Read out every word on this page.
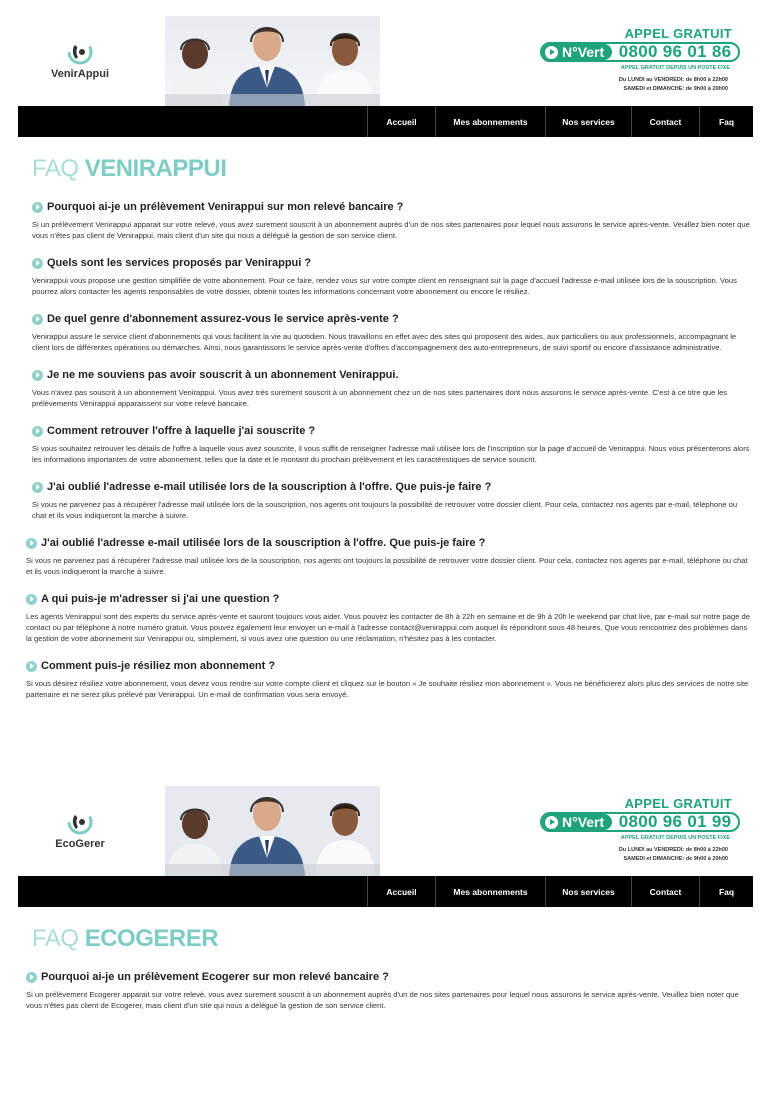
VenirAppui
APPEL GRATUIT
N°Vert 0800 96 01 86
APPEL GRATUIT DEPUIS UN POSTE FIXE
Du LUNDI au VENDREDI: de 8h00 à 22h00
SAMEDI et DIMANCHE: de 9h00 à 20h00
Accueil	Mes abonnements	Nos services	Contact	Faq
FAQ VENIRAPPUI
Pourquoi ai-je un prélèvement Venirappui sur mon relevé bancaire ?
Si un prélèvement Venirappui apparait sur votre relevé, vous avez surement souscrit à un abonnement auprès d'un de nos sites partenaires pour lequel nous assurons le service après-vente. Veuillez bien noter que vous n'êtes pas client de Venirappui, mais client d'un site qui nous a délégué la gestion de son service client.
Quels sont les services proposés par Venirappui ?
Venirappui vous propose une gestion simplifiée de votre abonnement. Pour ce faire, rendez vous sur votre compte client en renseignant sur la page d'accueil l'adresse e-mail utilisée lors de la souscription. Vous pourrez alors contacter les agents responsables de votre dossier, obtenir toutes les informations concernant votre abonnement ou encore le résiliez.
De quel genre d'abonnement assurez-vous le service après-vente ?
Venirappui assure le service client d'abonnements qui vous facilitent la vie au quotidien. Nous travaillons en effet avec des sites qui proposent des aides, aux particuliers ou aux professionnels, accompagnant le client lors de différentes opérations ou démarches. Ainsi, nous garantissons le service après-vente d'offres d'accompagnement des auto-entrepreneurs, de suivi sportif ou encore d'assistance administrative.
Je ne me souviens pas avoir souscrit à un abonnement Venirappui.
Vous n'avez pas souscrit à un abonnement Venirappui. Vous avez très surement souscrit à un abonnement chez un de nos sites partenaires dont nous assurons le service après-vente. C'est à ce titre que les prélèvements Venirappui apparaissent sur votre relevé bancaire.
Comment retrouver l'offre à laquelle j'ai souscrite ?
Si vous souhaitez retrouver les détails de l'offre à laquelle vous avez souscrite, il vous suffit de renseigner l'adresse mail utilisée lors de l'inscription sur la page d'accueil de Venirappui. Nous vous présenterons alors les informations importantes de votre abonnement, telles que la date et le montant du prochain prélèvement et les caractéristiques de service souscrit.
J'ai oublié l'adresse e-mail utilisée lors de la souscription à l'offre. Que puis-je faire ?
Si vous ne parvenez pas à récupérer l'adresse mail utilisée lors de la souscription, nos agents ont toujours la possibilité de retrouver votre dossier client. Pour cela, contactez nos agents par e-mail, téléphone ou chat et ils vous indiqueront la marche à suivre.
J'ai oublié l'adresse e-mail utilisée lors de la souscription à l'offre. Que puis-je faire ?
Si vous ne parvenez pas à récupérer l'adresse mail utilisée lors de la souscription, nos agents ont toujours la possibilité de retrouver votre dossier client. Pour cela, contactez nos agents par e-mail, téléphone ou chat et ils vous indiqueront la marche à suivre.
A qui puis-je m'adresser si j'ai une question ?
Les agents Venirappui sont des experts du service après-vente et sauront toujours vous aider. Vous pouvez les contacter de 8h à 22h en semaine et de 9h à 20h le weekend par chat live, par e-mail sur notre page de contact ou par téléphone à notre numéro gratuit. Vous pouvez également leur envoyer un e-mail à l'adresse contact@venirappui.com auquel ils répondront sous 48 heures. Que vous rencontriez des problèmes dans la gestion de votre abonnement sur Venirappui ou, simplement, si vous avez une question ou une réclamation, n'hésitez pas à les contacter.
Comment puis-je résiliez mon abonnement ?
Si vous désirez résiliez votre abonnement, vous devez vous rendre sur votre compte client et cliquez sur le bouton « Je souhaite résiliez mon abonnement ». Vous ne bénéficierez alors plus des services de notre site partenaire et ne serez plus prélevé par Venirappui. Un e-mail de confirmation vous sera envoyé.
EcoGerer
APPEL GRATUIT
N°Vert 0800 96 01 99
APPEL GRATUIT DEPUIS UN POSTE FIXE
Du LUNDI au VENDREDI: de 8h00 à 22h00
SAMEDI et DIMANCHE: de 9h00 à 20h00
Accueil	Mes abonnements	Nos services	Contact	Faq
FAQ ECOGERER
Pourquoi ai-je un prélèvement Ecogerer sur mon relevé bancaire ?
Si un prélèvement Ecogerer apparait sur votre relevé, vous avez surement souscrit à un abonnement auprès d'un de nos sites partenaires pour lequel nous assurons le service après-vente. Veuillez bien noter que vous n'êtes pas client de Ecogerer, mais client d'un site qui nous a délégué la gestion de son service client.
